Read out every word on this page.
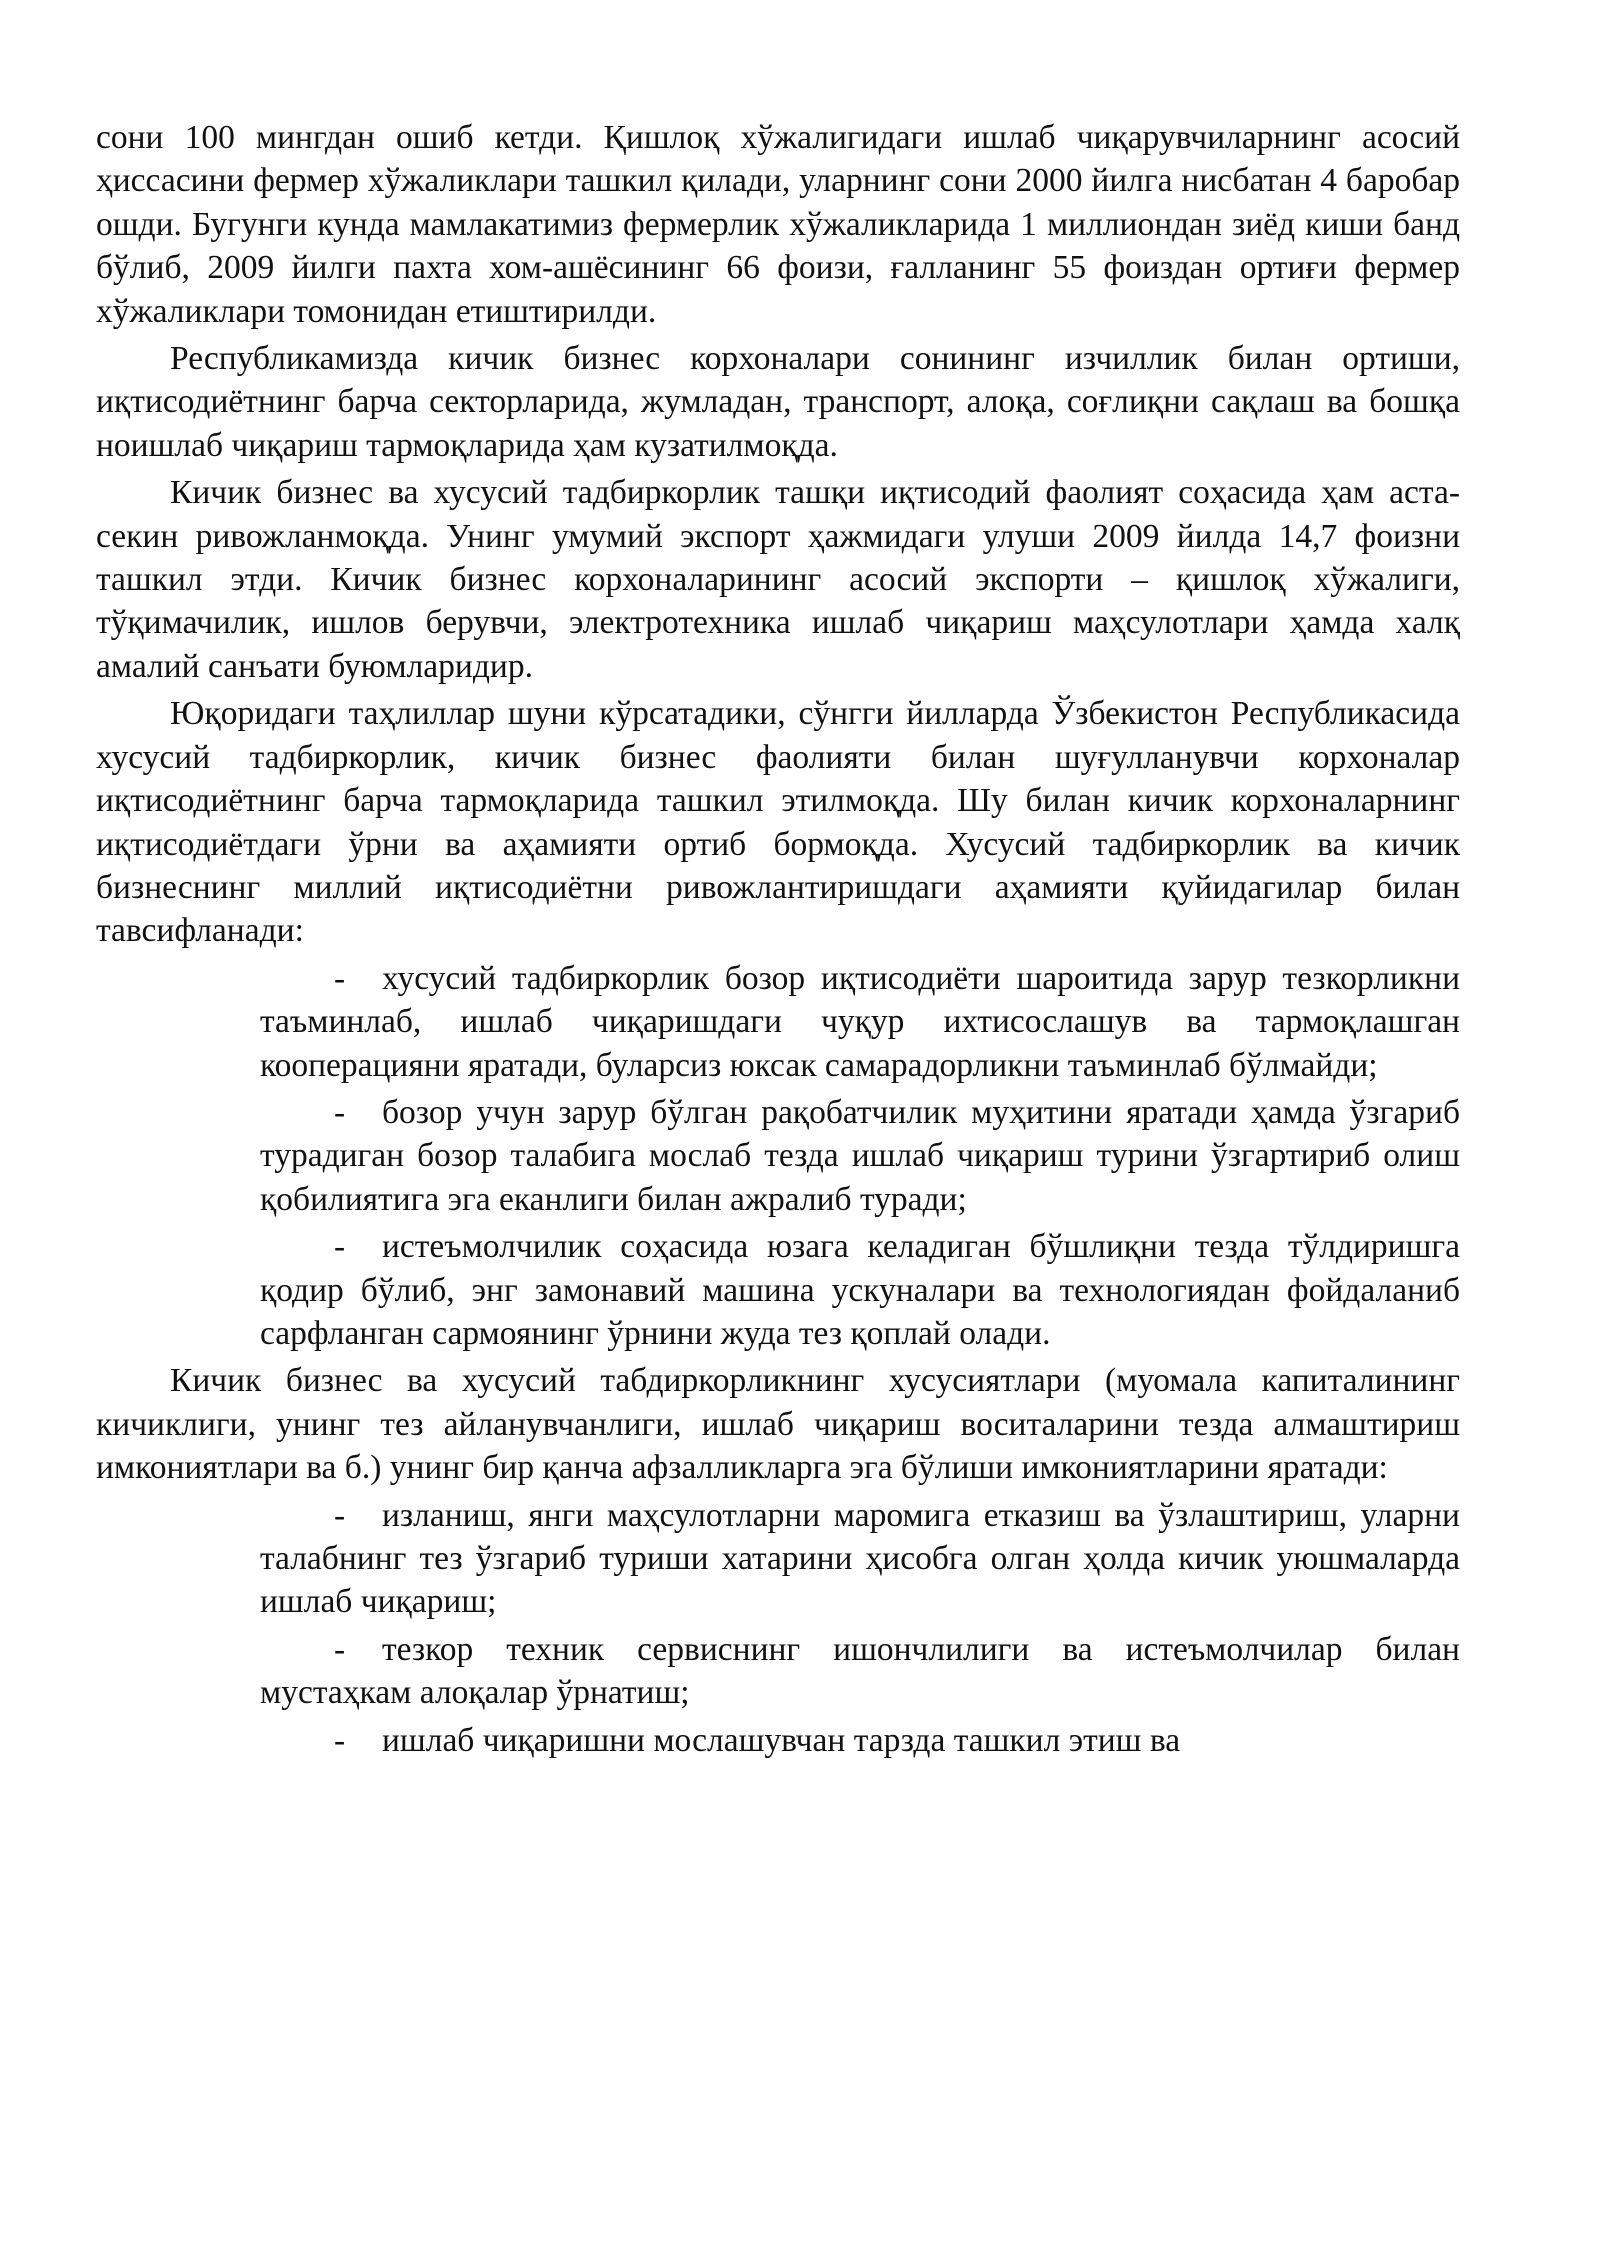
сони 100 мингдан ошиб кетди. Қишлоқ хўжалигидаги ишлаб чиқарувчиларнинг асосий ҳиссасини фермер хўжаликлари ташкил қилади, уларнинг сони 2000 йилга нисбатан 4 баробар ошди. Бугунги кунда мамлакатимиз фермерлик хўжаликларида 1 миллиондан зиёд киши банд бўлиб, 2009 йилги пахта хом-ашёсининг 66 фоизи, ғалланинг 55 фоиздан ортиғи фермер хўжаликлари томонидан етиштирилди.

Республикамизда кичик бизнес корхоналари сонининг изчиллик билан ортиши, иқтисодиётнинг барча секторларида, жумладан, транспорт, алоқа, соғлиқни сақлаш ва бошқа ноишлаб чиқариш тармоқларида ҳам кузатилмоқда.

Кичик бизнес ва хусусий тадбиркорлик ташқи иқтисодий фаолият соҳасида ҳам аста-секин ривожланмоқда. Унинг умумий экспорт ҳажмидаги улуши 2009 йилда 14,7 фоизни ташкил этди. Кичик бизнес корхоналарининг асосий экспорти – қишлоқ хўжалиги, тўқимачилик, ишлов берувчи, электротехника ишлаб чиқариш маҳсулотлари ҳамда халқ амалий санъати буюмларидир.

Юқоридаги таҳлиллар шуни кўрсатадики, сўнгги йилларда Ўзбекистон Республикасида хусусий тадбиркорлик, кичик бизнес фаолияти билан шуғулланувчи корхоналар иқтисодиётнинг барча тармоқларида ташкил этилмоқда. Шу билан кичик корхоналарнинг иқтисодиётдаги ўрни ва аҳамияти ортиб бормоқда. Хусусий тадбиркорлик ва кичик бизнеснинг миллий иқтисодиётни ривожлантиришдаги аҳамияти қуйидагилар билан тавсифланади:

- хусусий тадбиркорлик бозор иқтисодиёти шароитида зарур тезкорликни таъминлаб, ишлаб чиқаришдаги чуқур ихтисослашув ва тармоқлашган кооперацияни яратади, буларсиз юксак самарадорликни таъминлаб бўлмайди;

- бозор учун зарур бўлган рақобатчилик муҳитини яратади ҳамда ўзгариб турадиган бозор талабига мослаб тезда ишлаб чиқариш турини ўзгартириб олиш қобилиятига эга еканлиги билан ажралиб туради;

- истеъмолчилик соҳасида юзага келадиган бўшлиқни тезда тўлдиришга қодир бўлиб, энг замонавий машина ускуналари ва технологиядан фойдаланиб сарфланган сармоянинг ўрнини жуда тез қоплай олади.

Кичик бизнес ва хусусий табдиркорликнинг хусусиятлари (муомала капиталининг кичиклиги, унинг тез айланувчанлиги, ишлаб чиқариш воситаларини тезда алмаштириш имкониятлари ва б.) унинг бир қанча афзалликларга эга бўлиши имкониятларини яратади:

- изланиш, янги маҳсулотларни маромига етказиш ва ўзлаштириш, уларни талабнинг тез ўзгариб туриши хатарини ҳисобга олган ҳолда кичик уюшмаларда ишлаб чиқариш;

- тезкор техник сервиснинг ишончлилиги ва истеъмолчилар билан мустаҳкам алоқалар ўрнатиш;

- ишлаб чиқаришни мослашувчан тарзда ташкил этиш ва
